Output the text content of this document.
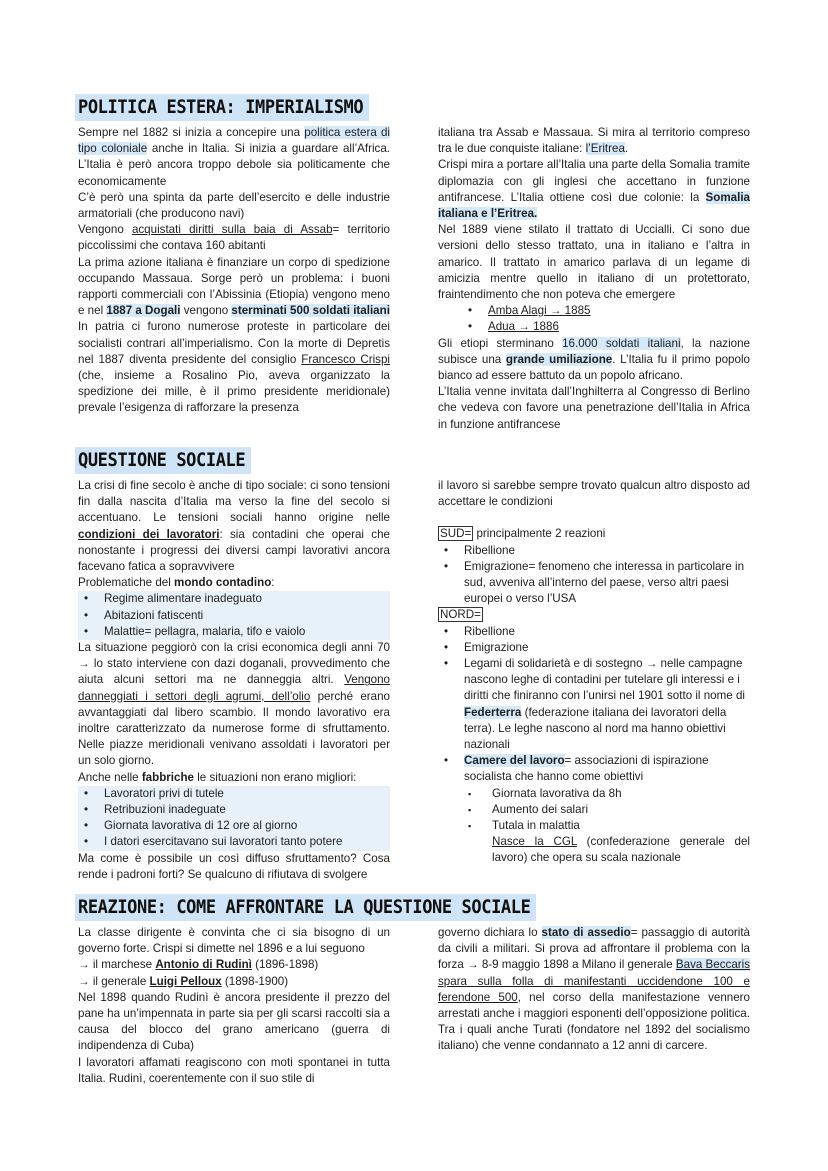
POLITICA ESTERA: IMPERIALISMO

Sempre nel 1882 si inizia a concepire una politica estera di tipo coloniale anche in Italia. Si inizia a guardare all’Africa. L’Italia è però ancora troppo debole sia politicamente che economicamente

C’è però una spinta da parte dell’esercito e delle industrie armatoriali (che producono navi)

Vengono acquistati diritti sulla baia di Assab= territorio piccolissimi che contava 160 abitanti

La prima azione italiana è finanziare un corpo di spedizione occupando Massaua. Sorge però un problema: i buoni rapporti commerciali con l’Abissinia (Etiopia) vengono meno e nel 1887 a Dogali vengono sterminati 500 soldati italiani

In patria ci furono numerose proteste in particolare dei socialisti contrari all’imperialismo. Con la morte di Depretis nel 1887 diventa presidente del consiglio Francesco Crispi (che, insieme a Rosalino Pio, aveva organizzato la spedizione dei mille, è il primo presidente meridionale) prevale l’esigenza di rafforzare la presenza

italiana tra Assab e Massaua. Si mira al territorio compreso tra le due conquiste italiane: l’Eritrea.

Crispi mira a portare all’Italia una parte della Somalia tramite diplomazia con gli inglesi che accettano in funzione antifrancese. L’Italia ottiene così due colonie: la Somalia italiana e l’Eritrea.

Nel 1889 viene stilato il trattato di Uccialli. Ci sono due versioni dello stesso trattato, una in italiano e l’altra in amarico. Il trattato in amarico parlava di un legame di amicizia mentre quello in italiano di un protettorato, fraintendimento che non poteva che emergere

• Amba Alagi → 1885
• Adua → 1886

Gli etiopi sterminano 16.000 soldati italiani, la nazione subisce una grande umiliazione. L’Italia fu il primo popolo bianco ad essere battuto da un popolo africano.

L’Italia venne invitata dall’Inghilterra al Congresso di Berlino che vedeva con favore una penetrazione dell’Italia in Africa in funzione antifrancese

QUESTIONE SOCIALE

La crisi di fine secolo è anche di tipo sociale: ci sono tensioni fin dalla nascita d’Italia ma verso la fine del secolo si accentuano. Le tensioni sociali hanno origine nelle condizioni dei lavoratori: sia contadini che operai che nonostante i progressi dei diversi campi lavorativi ancora facevano fatica a sopravvivere

Problematiche del mondo contadino:

• Regime alimentare inadeguato
• Abitazioni fatiscenti
• Malattie= pellagra, malaria, tifo e vaiolo

La situazione peggiorò con la crisi economica degli anni 70 → lo stato interviene con dazi doganali, provvedimento che aiuta alcuni settori ma ne danneggia altri. Vengono danneggiati i settori degli agrumi, dell’olio perché erano avvantaggiati dal libero scambio. Il mondo lavorativo era inoltre caratterizzato da numerose forme di sfruttamento. Nelle piazze meridionali venivano assoldati i lavoratori per un solo giorno.

Anche nelle fabbriche le situazioni non erano migliori:

• Lavoratori privi di tutele
• Retribuzioni inadeguate
• Giornata lavorativa di 12 ore al giorno
• I datori esercitavano sui lavoratori tanto potere

Ma come è possibile un così diffuso sfruttamento? Cosa rende i padroni forti? Se qualcuno di rifiutava di svolgere

il lavoro si sarebbe sempre trovato qualcun altro disposto ad accettare le condizioni

SUD= principalmente 2 reazioni

• Ribellione
• Emigrazione= fenomeno che interessa in particolare in sud, avveniva all’interno del paese, verso altri paesi europei o verso l’USA

NORD=

• Ribellione
• Emigrazione
• Legami di solidarietà e di sostegno → nelle campagne nascono leghe di contadini per tutelare gli interessi e i diritti che finiranno con l’unirsi nel 1901 sotto il nome di Federterra (federazione italiana dei lavoratori della terra). Le leghe nascono al nord ma hanno obiettivi nazionali
• Camere del lavoro= associazioni di ispirazione socialista che hanno come obiettivi
▪ Giornata lavorativa da 8h
▪ Aumento dei salari
▪ Tutala in malattia

Nasce la CGL (confederazione generale del lavoro) che opera su scala nazionale

REAZIONE: COME AFFRONTARE LA QUESTIONE SOCIALE

La classe dirigente è convinta che ci sia bisogno di un governo forte. Crispi si dimette nel 1896 e a lui seguono

→ il marchese Antonio di Rudinì (1896-1898)

→ il generale Luigi Pelloux (1898-1900)

Nel 1898 quando Rudinì è ancora presidente il prezzo del pane ha un’impennata in parte sia per gli scarsi raccolti sia a causa del blocco del grano americano (guerra di indipendenza di Cuba)

I lavoratori affamati reagiscono con moti spontanei in tutta Italia. Rudinì, coerentemente con il suo stile di

governo dichiara lo stato di assedio= passaggio di autorità da civili a militari. Si prova ad affrontare il problema con la forza → 8-9 maggio 1898 a Milano il generale Bava Beccaris spara sulla folla di manifestanti uccidendone 100 e ferendone 500, nel corso della manifestazione vennero arrestati anche i maggiori esponenti dell’opposizione politica.

Tra i quali anche Turati (fondatore nel 1892 del socialismo italiano) che venne condannato a 12 anni di carcere.
